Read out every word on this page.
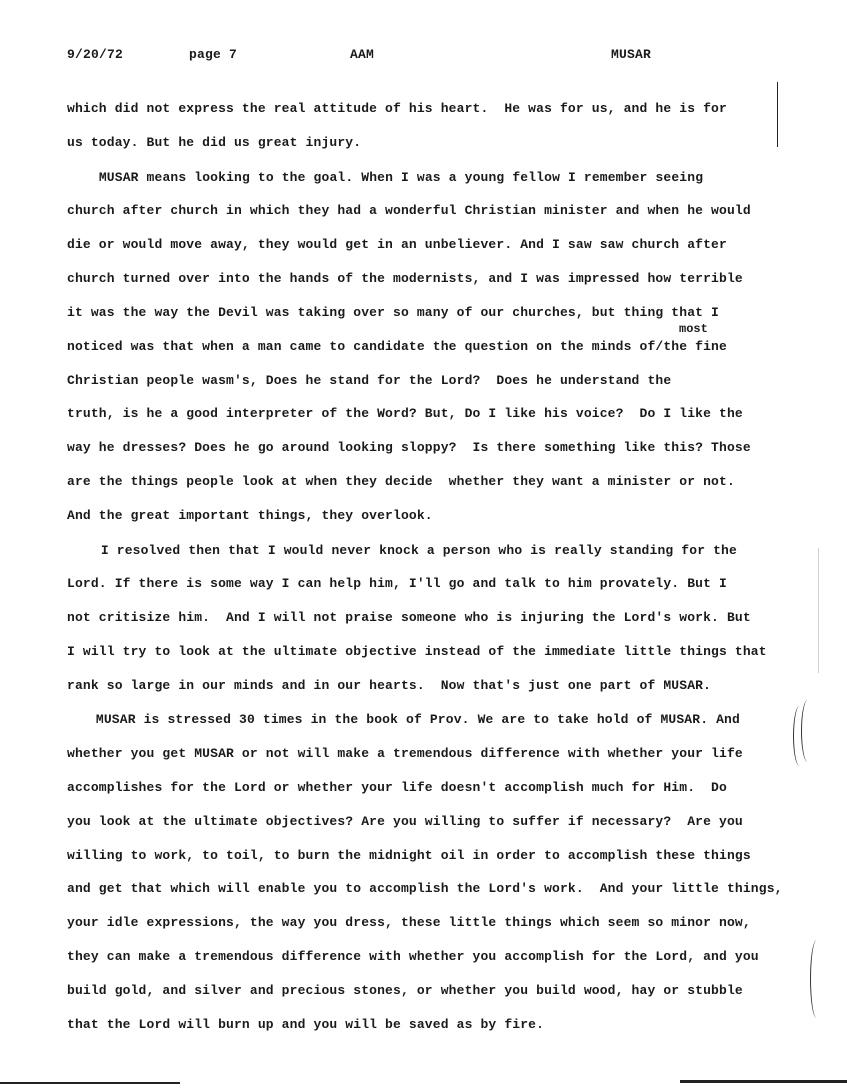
9/20/72	page 7	AAM	MUSAR
which did not express the real attitude of his heart.  He was for us, and he is for
us today. But he did us great injury.
MUSAR means looking to the goal. When I was a young fellow I remember seeing
church after church in which they had a wonderful Christian minister and when he would
die or would move away, they would get in an unbeliever. And I saw saw church after
church turned over into the hands of the modernists, and I was impressed how terrible
it was the way the Devil was taking over so many of our churches, but thing that I
most
noticed was that when a man came to candidate the question on the minds of/the fine
Christian people wasm's, Does he stand for the Lord?  Does he understand the
truth, is he a good interpreter of the Word? But, Do I like his voice?  Do I like the
way he dresses? Does he go around looking sloppy?  Is there something like this? Those
are the things people look at when they decide  whether they want a minister or not.
And the great important things, they overlook.
I resolved then that I would never knock a person who is really standing for the
Lord. If there is some way I can help him, I'll go and talk to him provately. But I
not critisize him.  And I will not praise someone who is injuring the Lord's work. But
I will try to look at the ultimate objective instead of the immediate little things that
rank so large in our minds and in our hearts.  Now that's just one part of MUSAR.
MUSAR is stressed 30 times in the book of Prov. We are to take hold of MUSAR. And
whether you get MUSAR or not will make a tremendous difference with whether your life
accomplishes for the Lord or whether your life doesn't accomplish much for Him.  Do
you look at the ultimate objectives? Are you willing to suffer if necessary?  Are you
willing to work, to toil, to burn the midnight oil in order to accomplish these things
and get that which will enable you to accomplish the Lord's work.  And your little things,
your idle expressions, the way you dress, these little things which seem so minor now,
they can make a tremendous difference with whether you accomplish for the Lord, and you
build gold, and silver and precious stones, or whether you build wood, hay or stubble
that the Lord will burn up and you will be saved as by fire.
